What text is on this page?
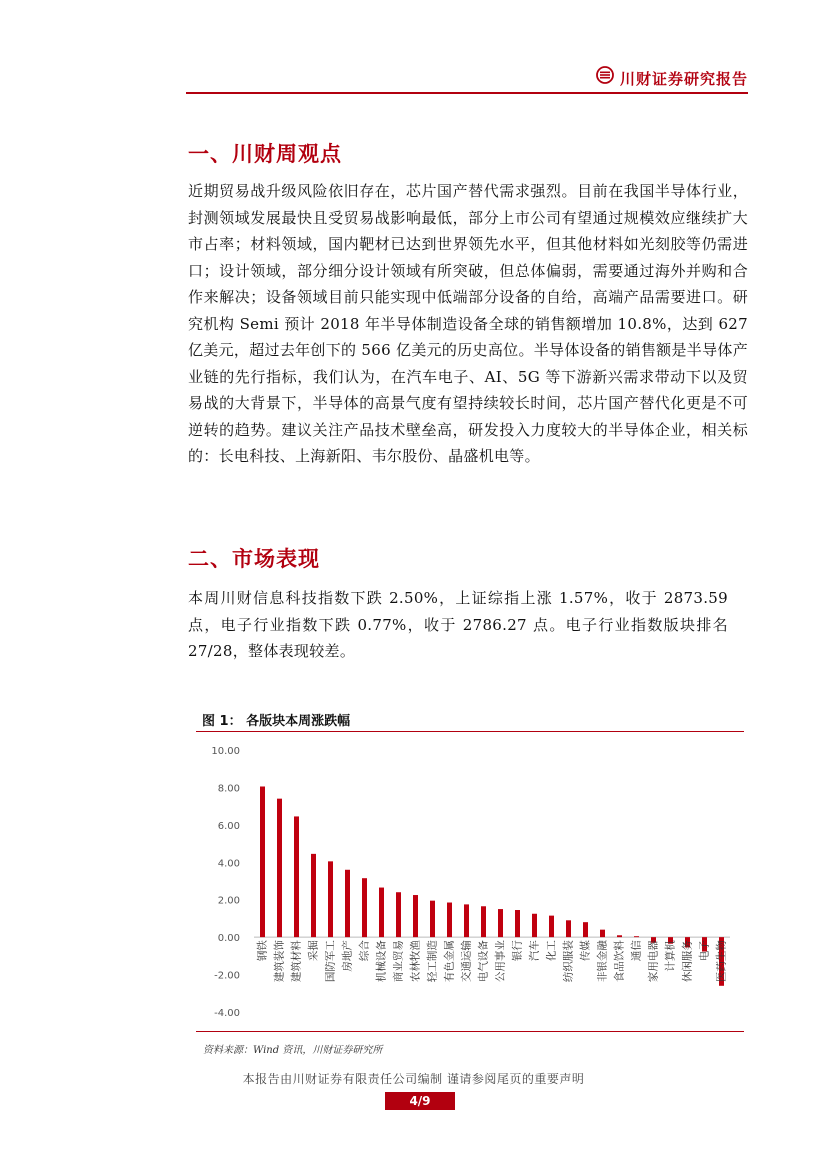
川财证券研究报告
一、川财周观点

近期贸易战升级风险依旧存在，芯片国产替代需求强烈。目前在我国半导体行业，封测领域发展最快且受贸易战影响最低，部分上市公司有望通过规模效应继续扩大市占率；材料领域，国内靶材已达到世界领先水平，但其他材料如光刻胶等仍需进口；设计领域，部分细分设计领域有所突破，但总体偏弱，需要通过海外并购和合作来解决；设备领域目前只能实现中低端部分设备的自给，高端产品需要进口。研究机构 Semi 预计 2018 年半导体制造设备全球的销售额增加 10.8%，达到 627 亿美元，超过去年创下的 566 亿美元的历史高位。半导体设备的销售额是半导体产业链的先行指标，我们认为，在汽车电子、AI、5G 等下游新兴需求带动下以及贸易战的大背景下，半导体的高景气度有望持续较长时间，芯片国产替代化更是不可逆转的趋势。建议关注产品技术壁垒高，研发投入力度较大的半导体企业，相关标的：长电科技、上海新阳、韦尔股份、晶盛机电等。

二、市场表现

本周川财信息科技指数下跌 2.50%，上证综指上涨 1.57%，收于 2873.59 点，电子行业指数下跌 0.77%，收于 2786.27 点。电子行业指数版块排名 27/28，整体表现较差。

图 1： 各版块本周涨跌幅
10.00
8.00
6.00
4.00
2.00
0.00
-2.00
-4.00
钢铁 建筑装饰 建筑材料 采掘 国防军工 房地产 综合 机械设备 商业贸易 农林牧渔 轻工制造 有色金属 交通运输 电气设备 公用事业 银行 汽车 化工 纺织服装 传媒 非银金融 食品饮料 通信 家用电器 计算机 休闲服务 电子 医药生物
资料来源：Wind 资讯，川财证券研究所
本报告由川财证券有限责任公司编制 谨请参阅尾页的重要声明
4/9
